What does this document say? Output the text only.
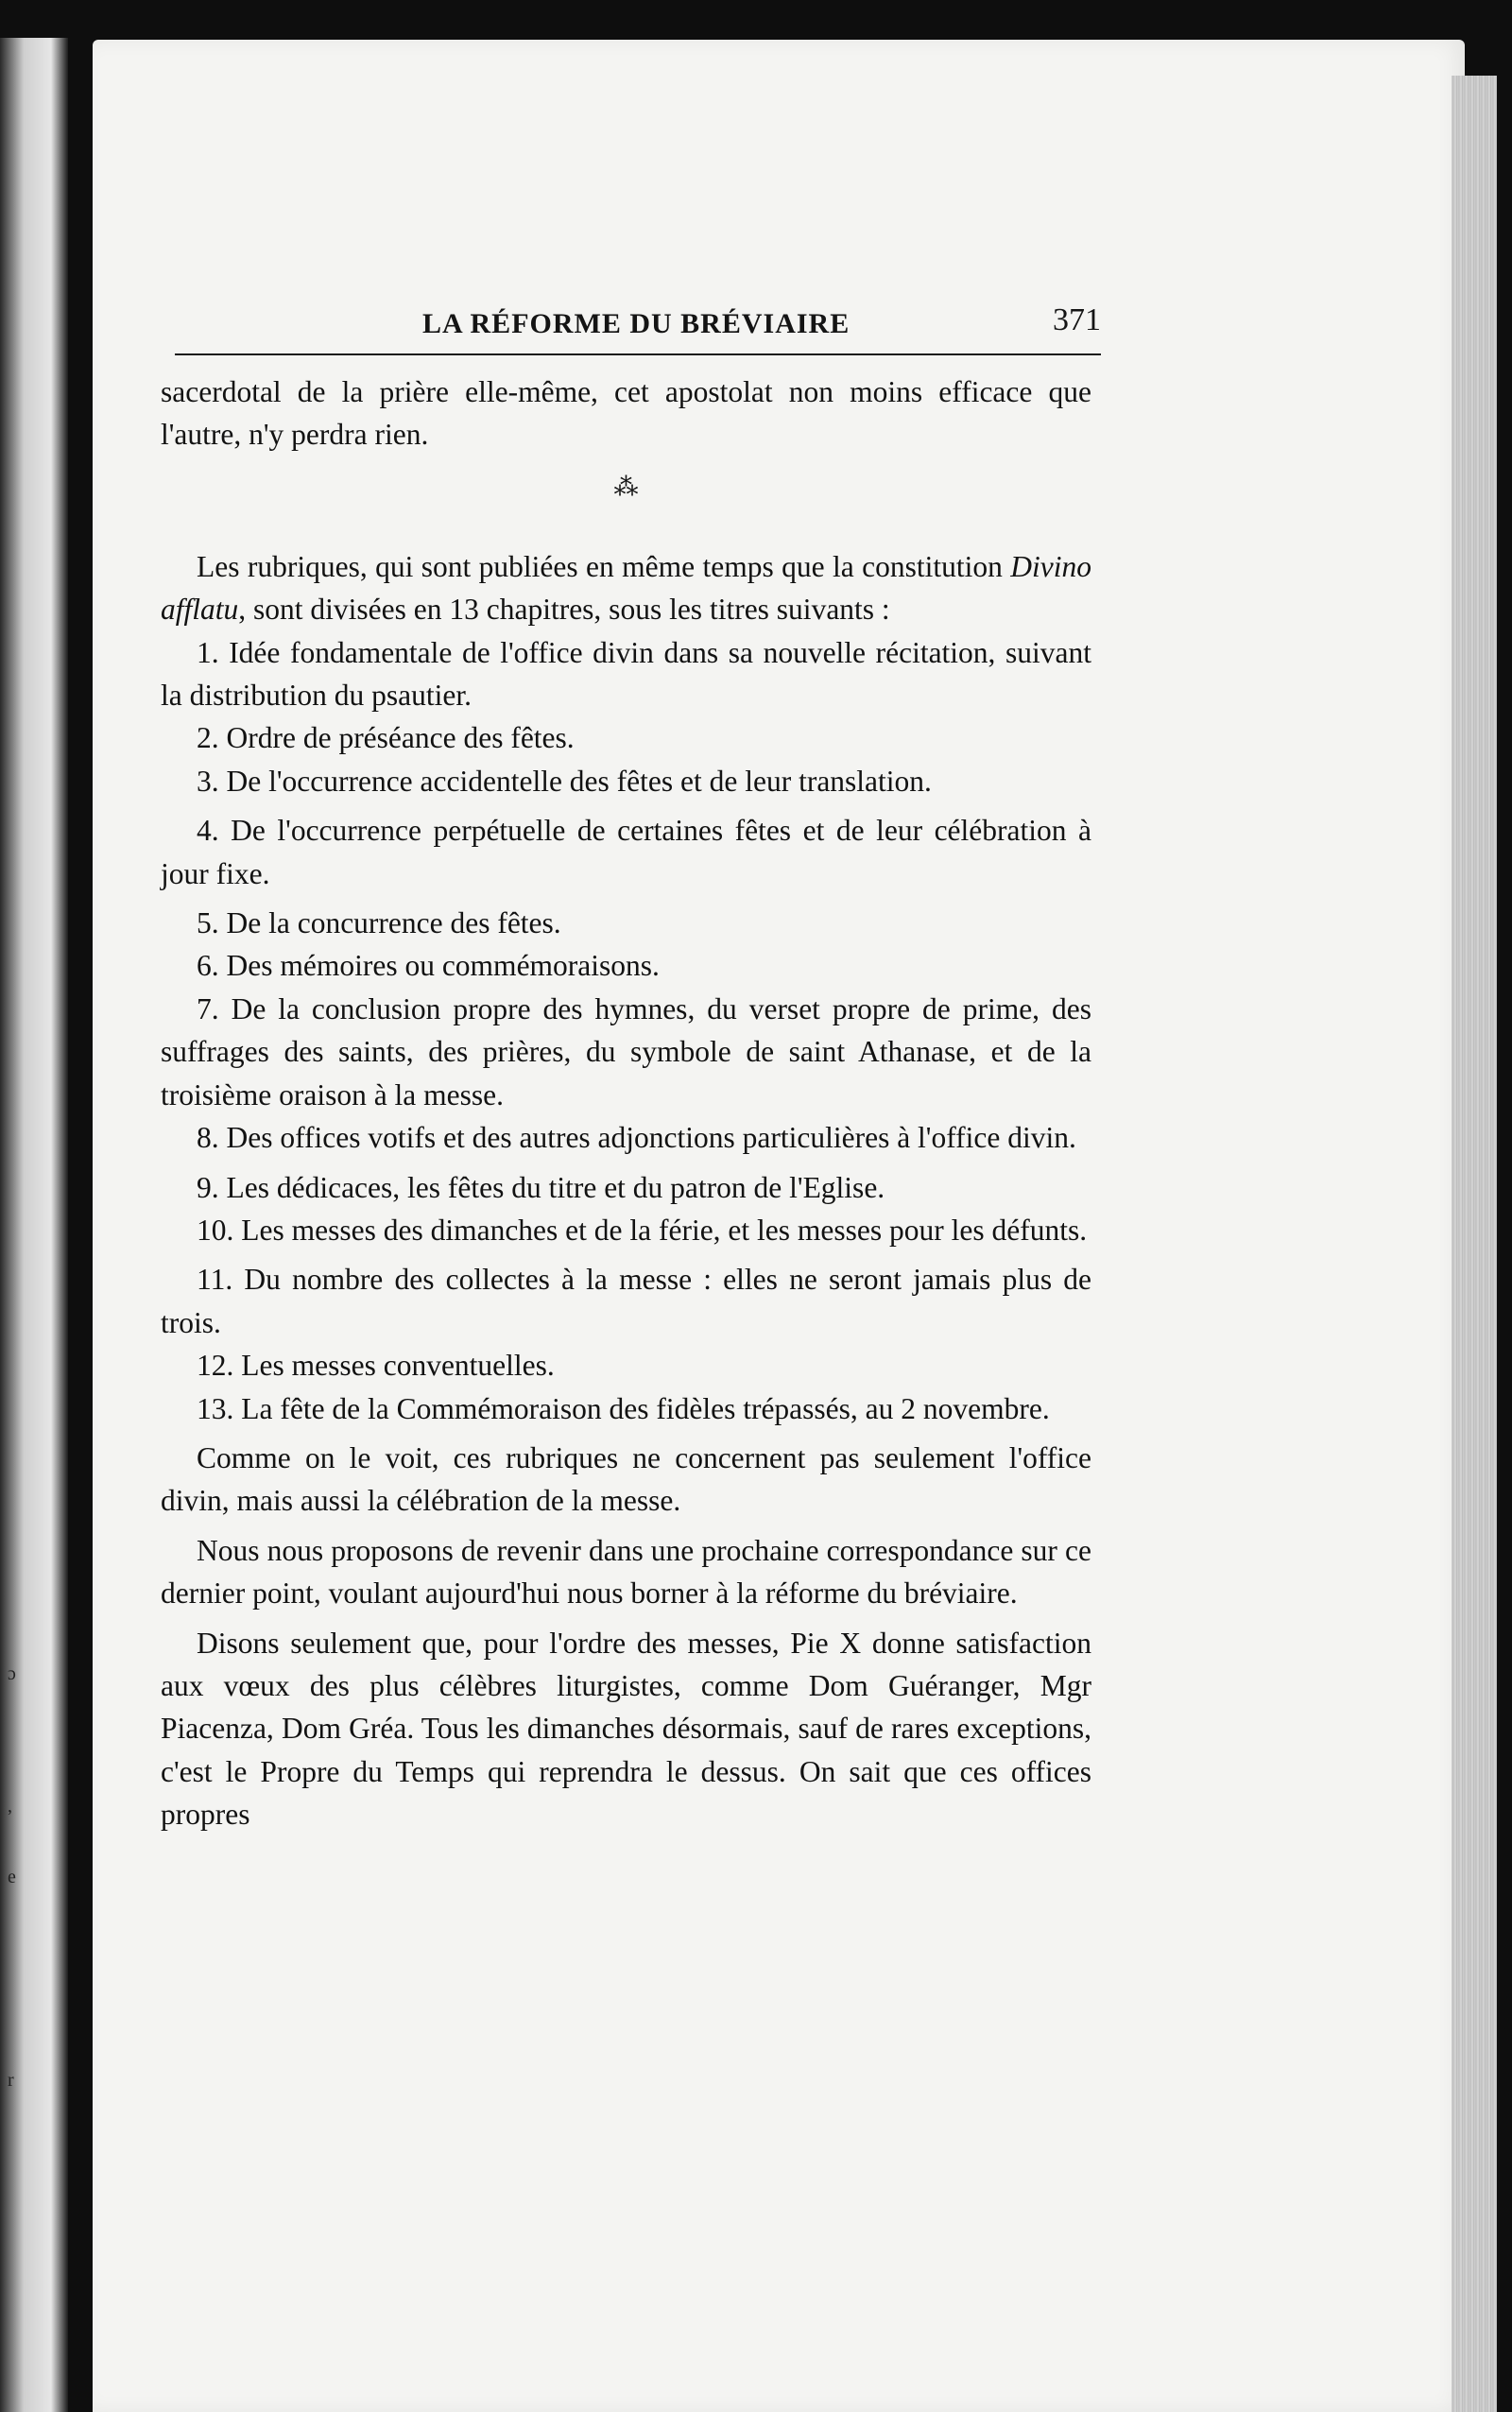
ɔ
,
e
r
LA RÉFORME DU BRÉVIAIRE	371

sacerdotal de la prière elle-même, cet apostolat non moins efficace que l'autre, n'y perdra rien.

⁂

Les rubriques, qui sont publiées en même temps que la constitution Divino afflatu, sont divisées en 13 chapitres, sous les titres suivants :

1. Idée fondamentale de l'office divin dans sa nouvelle récitation, suivant la distribution du psautier.

2. Ordre de préséance des fêtes.

3. De l'occurrence accidentelle des fêtes et de leur translation.

4. De l'occurrence perpétuelle de certaines fêtes et de leur célébration à jour fixe.

5. De la concurrence des fêtes.

6. Des mémoires ou commémoraisons.

7. De la conclusion propre des hymnes, du verset propre de prime, des suffrages des saints, des prières, du symbole de saint Athanase, et de la troisième oraison à la messe.

8. Des offices votifs et des autres adjonctions particulières à l'office divin.

9. Les dédicaces, les fêtes du titre et du patron de l'Eglise.

10. Les messes des dimanches et de la férie, et les messes pour les défunts.

11. Du nombre des collectes à la messe : elles ne seront jamais plus de trois.

12. Les messes conventuelles.

13. La fête de la Commémoraison des fidèles trépassés, au 2 novembre.

Comme on le voit, ces rubriques ne concernent pas seulement l'office divin, mais aussi la célébration de la messe.

Nous nous proposons de revenir dans une prochaine correspondance sur ce dernier point, voulant aujourd'hui nous borner à la réforme du bréviaire.

Disons seulement que, pour l'ordre des messes, Pie X donne satisfaction aux vœux des plus célèbres liturgistes, comme Dom Guéranger, Mgr Piacenza, Dom Gréa. Tous les dimanches désormais, sauf de rares exceptions, c'est le Propre du Temps qui reprendra le dessus. On sait que ces offices propres
